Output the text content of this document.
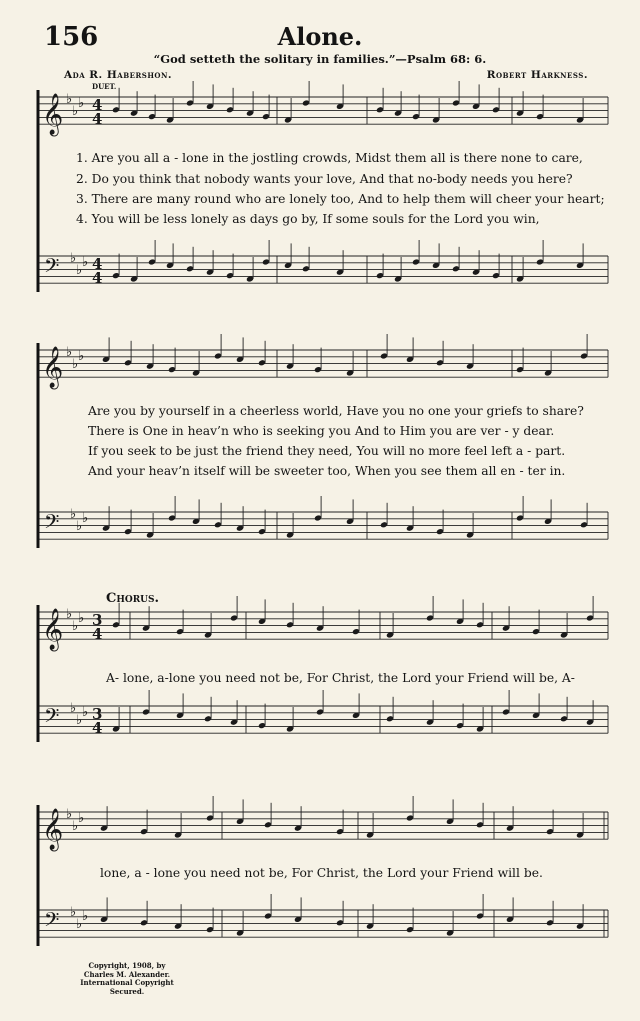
156	Alone.
“God setteth the solitary in families.”—Psalm 68: 6.
Ada R. Habershon.	Robert Harkness.
DUET.
𝄞 ♭
♭
♭ 4
4
𝄢 ♭
♭
♭ 4
4
𝄞 ♭
♭
♭
𝄢 ♭
♭
♭
𝄞 ♭
♭
♭ 3
4
𝄢 ♭
♭
♭ 3
4
𝄞 ♭
♭
♭
𝄢 ♭
♭
♭
1. Are you all a - lone in the jostling crowds, Midst them all is there none to care,
2. Do you think that nobody wants your love, And that no-body needs you here?
3. There are many round who are lonely too, And to help them will cheer your heart;
4. You will be less lonely as days go by, If some souls for the Lord you win,
Are you by yourself in a cheerless world, Have you no one your griefs to share?
There is One in heav’n who is seeking you And to Him you are ver - y dear.
If you seek to be just the friend they need, You will no more feel left a - part.
And your heav’n itself will be sweeter too, When you see them all en - ter in.
Chorus.
A- lone, a-lone you need not be, For Christ, the Lord your Friend will be, A-
lone, a - lone you need not be, For Christ, the Lord your Friend will be.
Copyright, 1908, by
Charles M. Alexander.
International Copyright Secured.
